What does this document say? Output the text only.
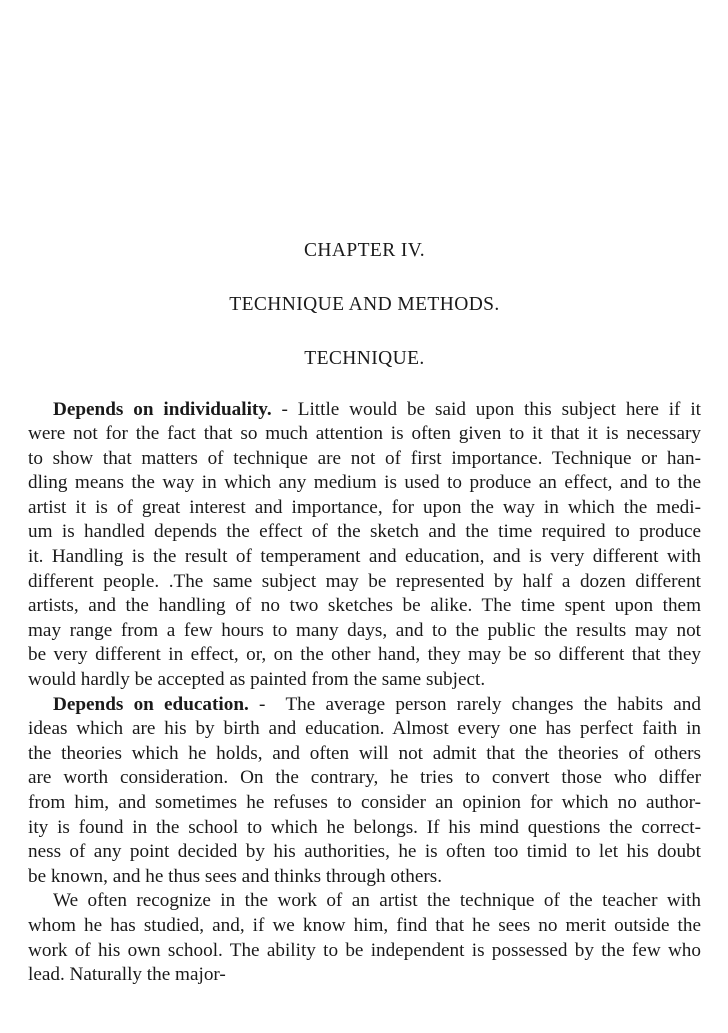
CHAPTER IV.
TECHNIQUE AND METHODS.
TECHNIQUE.
Depends on individuality. - Little would be said upon this subject here if it
were not for the fact that so much attention is often given to it that it is necessary
to show that matters of technique are not of first importance. Technique or han-
dling means the way in which any medium is used to produce an effect, and to the
artist it is of great interest and importance, for upon the way in which the medi-
um is handled depends the effect of the sketch and the time required to produce
it. Handling is the result of temperament and education, and is very different with
different people. .The same subject may be represented by half a dozen different
artists, and the handling of no two sketches be alike. The time spent upon them
may range from a few hours to many days, and to the public the results may not
be very different in effect, or, on the other hand, they may be so different that they
would hardly be accepted as painted from the same subject.
Depends on education. -  The average person rarely changes the habits and
ideas which are his by birth and education. Almost every one has perfect faith in
the theories which he holds, and often will not admit that the theories of others
are worth consideration. On the contrary, he tries to convert those who differ
from him, and sometimes he refuses to consider an opinion for which no author-
ity is found in the school to which he belongs. If his mind questions the correct-
ness of any point decided by his authorities, he is often too timid to let his doubt
be known, and he thus sees and thinks through others.
We often recognize in the work of an artist the technique of the teacher with
whom he has studied, and, if we know him, find that he sees no merit outside the
work of his own school. The ability to be independent is possessed by the few who
lead. Naturally the major-
